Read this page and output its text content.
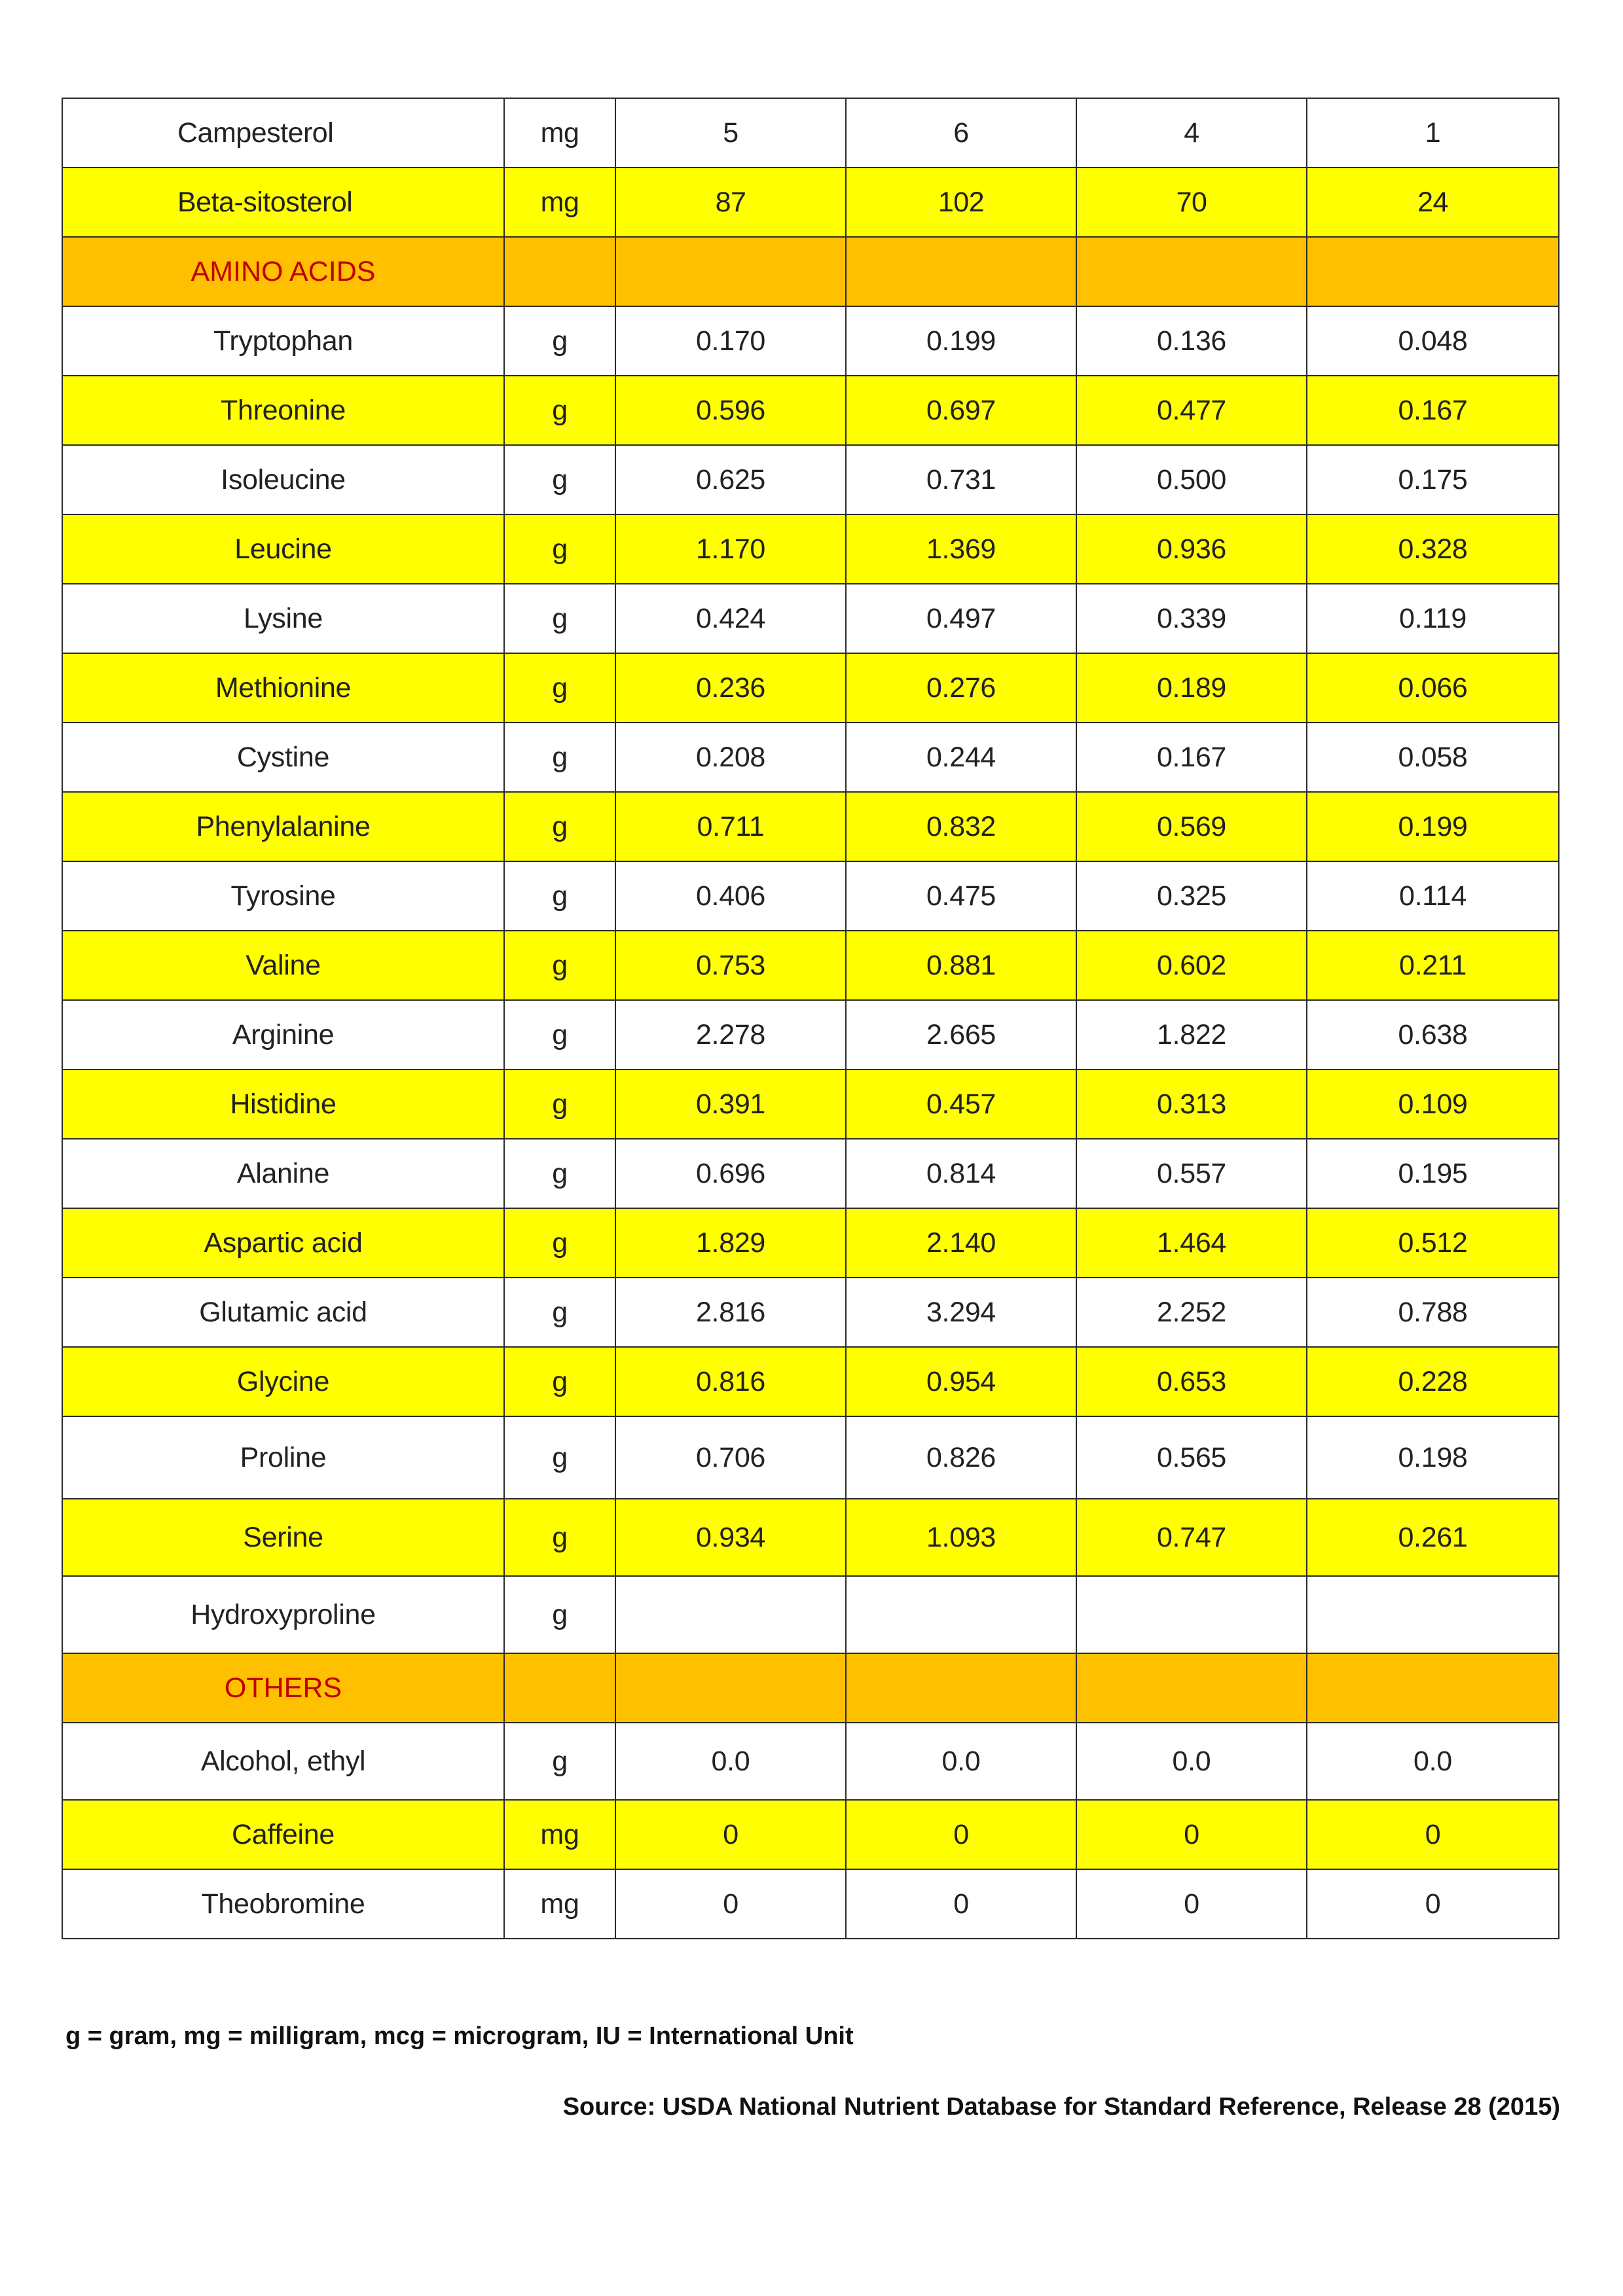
Campesterol	mg	5	6	4	1
Beta-sitosterol	mg	87	102	70	24
AMINO ACIDS					
Tryptophan	g	0.170	0.199	0.136	0.048
Threonine	g	0.596	0.697	0.477	0.167
Isoleucine	g	0.625	0.731	0.500	0.175
Leucine	g	1.170	1.369	0.936	0.328
Lysine	g	0.424	0.497	0.339	0.119
Methionine	g	0.236	0.276	0.189	0.066
Cystine	g	0.208	0.244	0.167	0.058
Phenylalanine	g	0.711	0.832	0.569	0.199
Tyrosine	g	0.406	0.475	0.325	0.114
Valine	g	0.753	0.881	0.602	0.211
Arginine	g	2.278	2.665	1.822	0.638
Histidine	g	0.391	0.457	0.313	0.109
Alanine	g	0.696	0.814	0.557	0.195
Aspartic acid	g	1.829	2.140	1.464	0.512
Glutamic acid	g	2.816	3.294	2.252	0.788
Glycine	g	0.816	0.954	0.653	0.228
Proline	g	0.706	0.826	0.565	0.198
Serine	g	0.934	1.093	0.747	0.261
Hydroxyproline	g				
OTHERS					
Alcohol, ethyl	g	0.0	0.0	0.0	0.0
Caffeine	mg	0	0	0	0
Theobromine	mg	0	0	0	0
g = gram, mg = milligram, mcg = microgram, IU = International Unit
Source: USDA National Nutrient Database for Standard Reference, Release 28 (2015)
